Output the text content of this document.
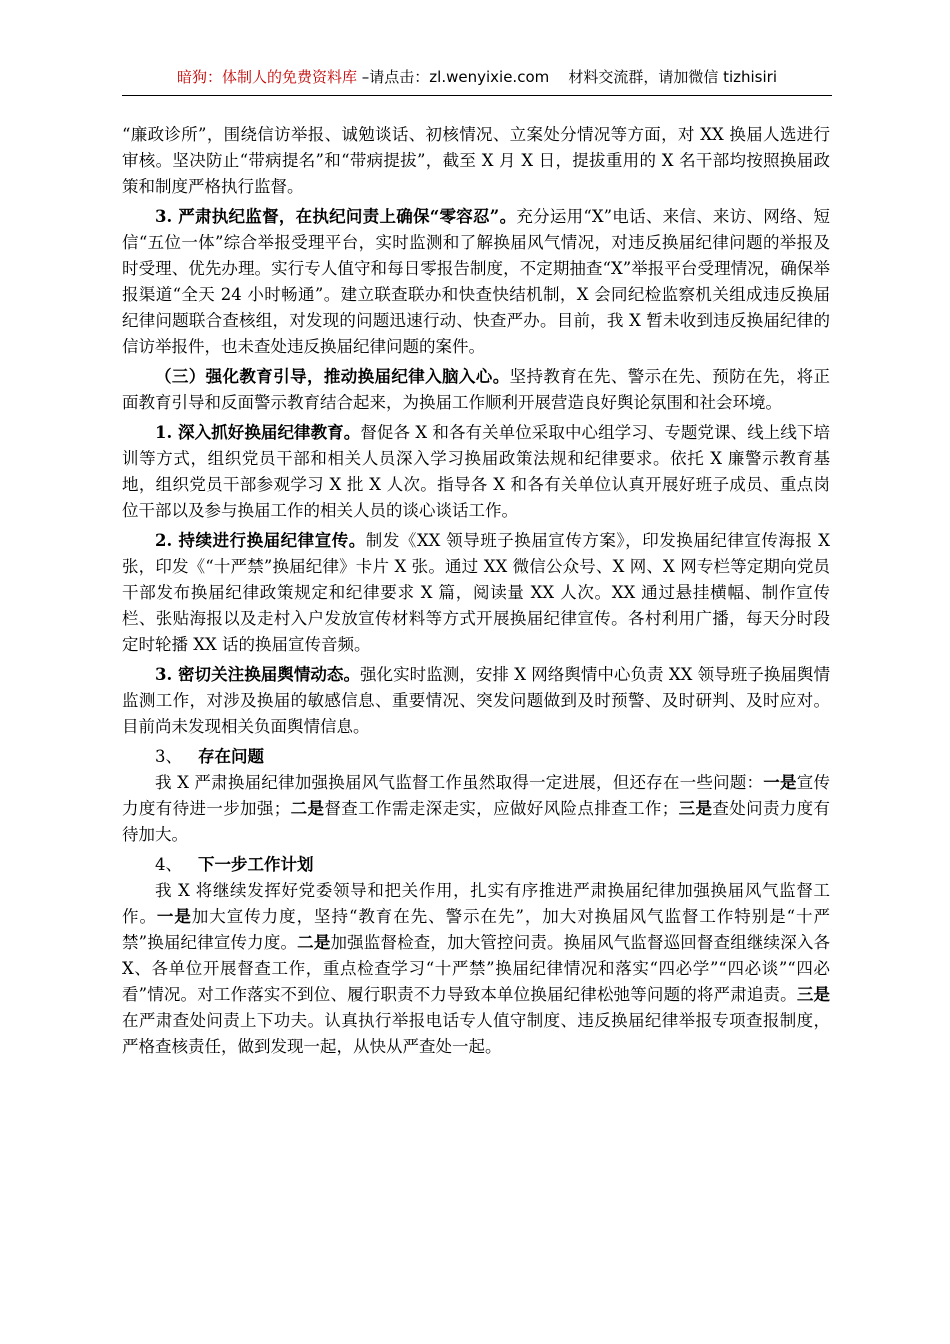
暗狗：体制人的免费资料库 –请点击：zl.wenyixie.com 材料交流群，请加微信 tizhisiri

“廉政诊所”，围绕信访举报、诚勉谈话、初核情况、立案处分情况等方面，对 XX 换届人选进行审核。坚决防止“带病提名”和“带病提拔”，截至 X 月 X 日，提拔重用的 X 名干部均按照换届政策和制度严格执行监督。

3. 严肃执纪监督，在执纪问责上确保“零容忍”。充分运用“X”电话、来信、来访、网络、短信“五位一体”综合举报受理平台，实时监测和了解换届风气情况，对违反换届纪律问题的举报及时受理、优先办理。实行专人值守和每日零报告制度，不定期抽查“X”举报平台受理情况，确保举报渠道“全天 24 小时畅通”。建立联查联办和快查快结机制，X 会同纪检监察机关组成违反换届纪律问题联合查核组，对发现的问题迅速行动、快查严办。目前，我 X 暂未收到违反换届纪律的信访举报件，也未查处违反换届纪律问题的案件。

（三）强化教育引导，推动换届纪律入脑入心。坚持教育在先、警示在先、预防在先，将正面教育引导和反面警示教育结合起来，为换届工作顺利开展营造良好舆论氛围和社会环境。

1. 深入抓好换届纪律教育。督促各 X 和各有关单位采取中心组学习、专题党课、线上线下培训等方式，组织党员干部和相关人员深入学习换届政策法规和纪律要求。依托 X 廉警示教育基地，组织党员干部参观学习 X 批 X 人次。指导各 X 和各有关单位认真开展好班子成员、重点岗位干部以及参与换届工作的相关人员的谈心谈话工作。

2. 持续进行换届纪律宣传。制发《XX 领导班子换届宣传方案》，印发换届纪律宣传海报 X 张，印发《“十严禁”换届纪律》卡片 X 张。通过 XX 微信公众号、X 网、X 网专栏等定期向党员干部发布换届纪律政策规定和纪律要求 X 篇，阅读量 XX 人次。XX 通过悬挂横幅、制作宣传栏、张贴海报以及走村入户发放宣传材料等方式开展换届纪律宣传。各村利用广播，每天分时段定时轮播 XX 话的换届宣传音频。

3. 密切关注换届舆情动态。强化实时监测，安排 X 网络舆情中心负责 XX 领导班子换届舆情监测工作，对涉及换届的敏感信息、重要情况、突发问题做到及时预警、及时研判、及时应对。目前尚未发现相关负面舆情信息。

3、 存在问题

我 X 严肃换届纪律加强换届风气监督工作虽然取得一定进展，但还存在一些问题：一是宣传力度有待进一步加强；二是督查工作需走深走实，应做好风险点排查工作；三是查处问责力度有待加大。

4、 下一步工作计划

我 X 将继续发挥好党委领导和把关作用，扎实有序推进严肃换届纪律加强换届风气监督工作。一是加大宣传力度，坚持“教育在先、警示在先”，加大对换届风气监督工作特别是“十严禁”换届纪律宣传力度。二是加强监督检查，加大管控问责。换届风气监督巡回督查组继续深入各 X、各单位开展督查工作，重点检查学习“十严禁”换届纪律情况和落实“四必学”“四必谈”“四必看”情况。对工作落实不到位、履行职责不力导致本单位换届纪律松弛等问题的将严肃追责。三是在严肃查处问责上下功夫。认真执行举报电话专人值守制度、违反换届纪律举报专项查报制度，严格查核责任，做到发现一起，从快从严查处一起。
